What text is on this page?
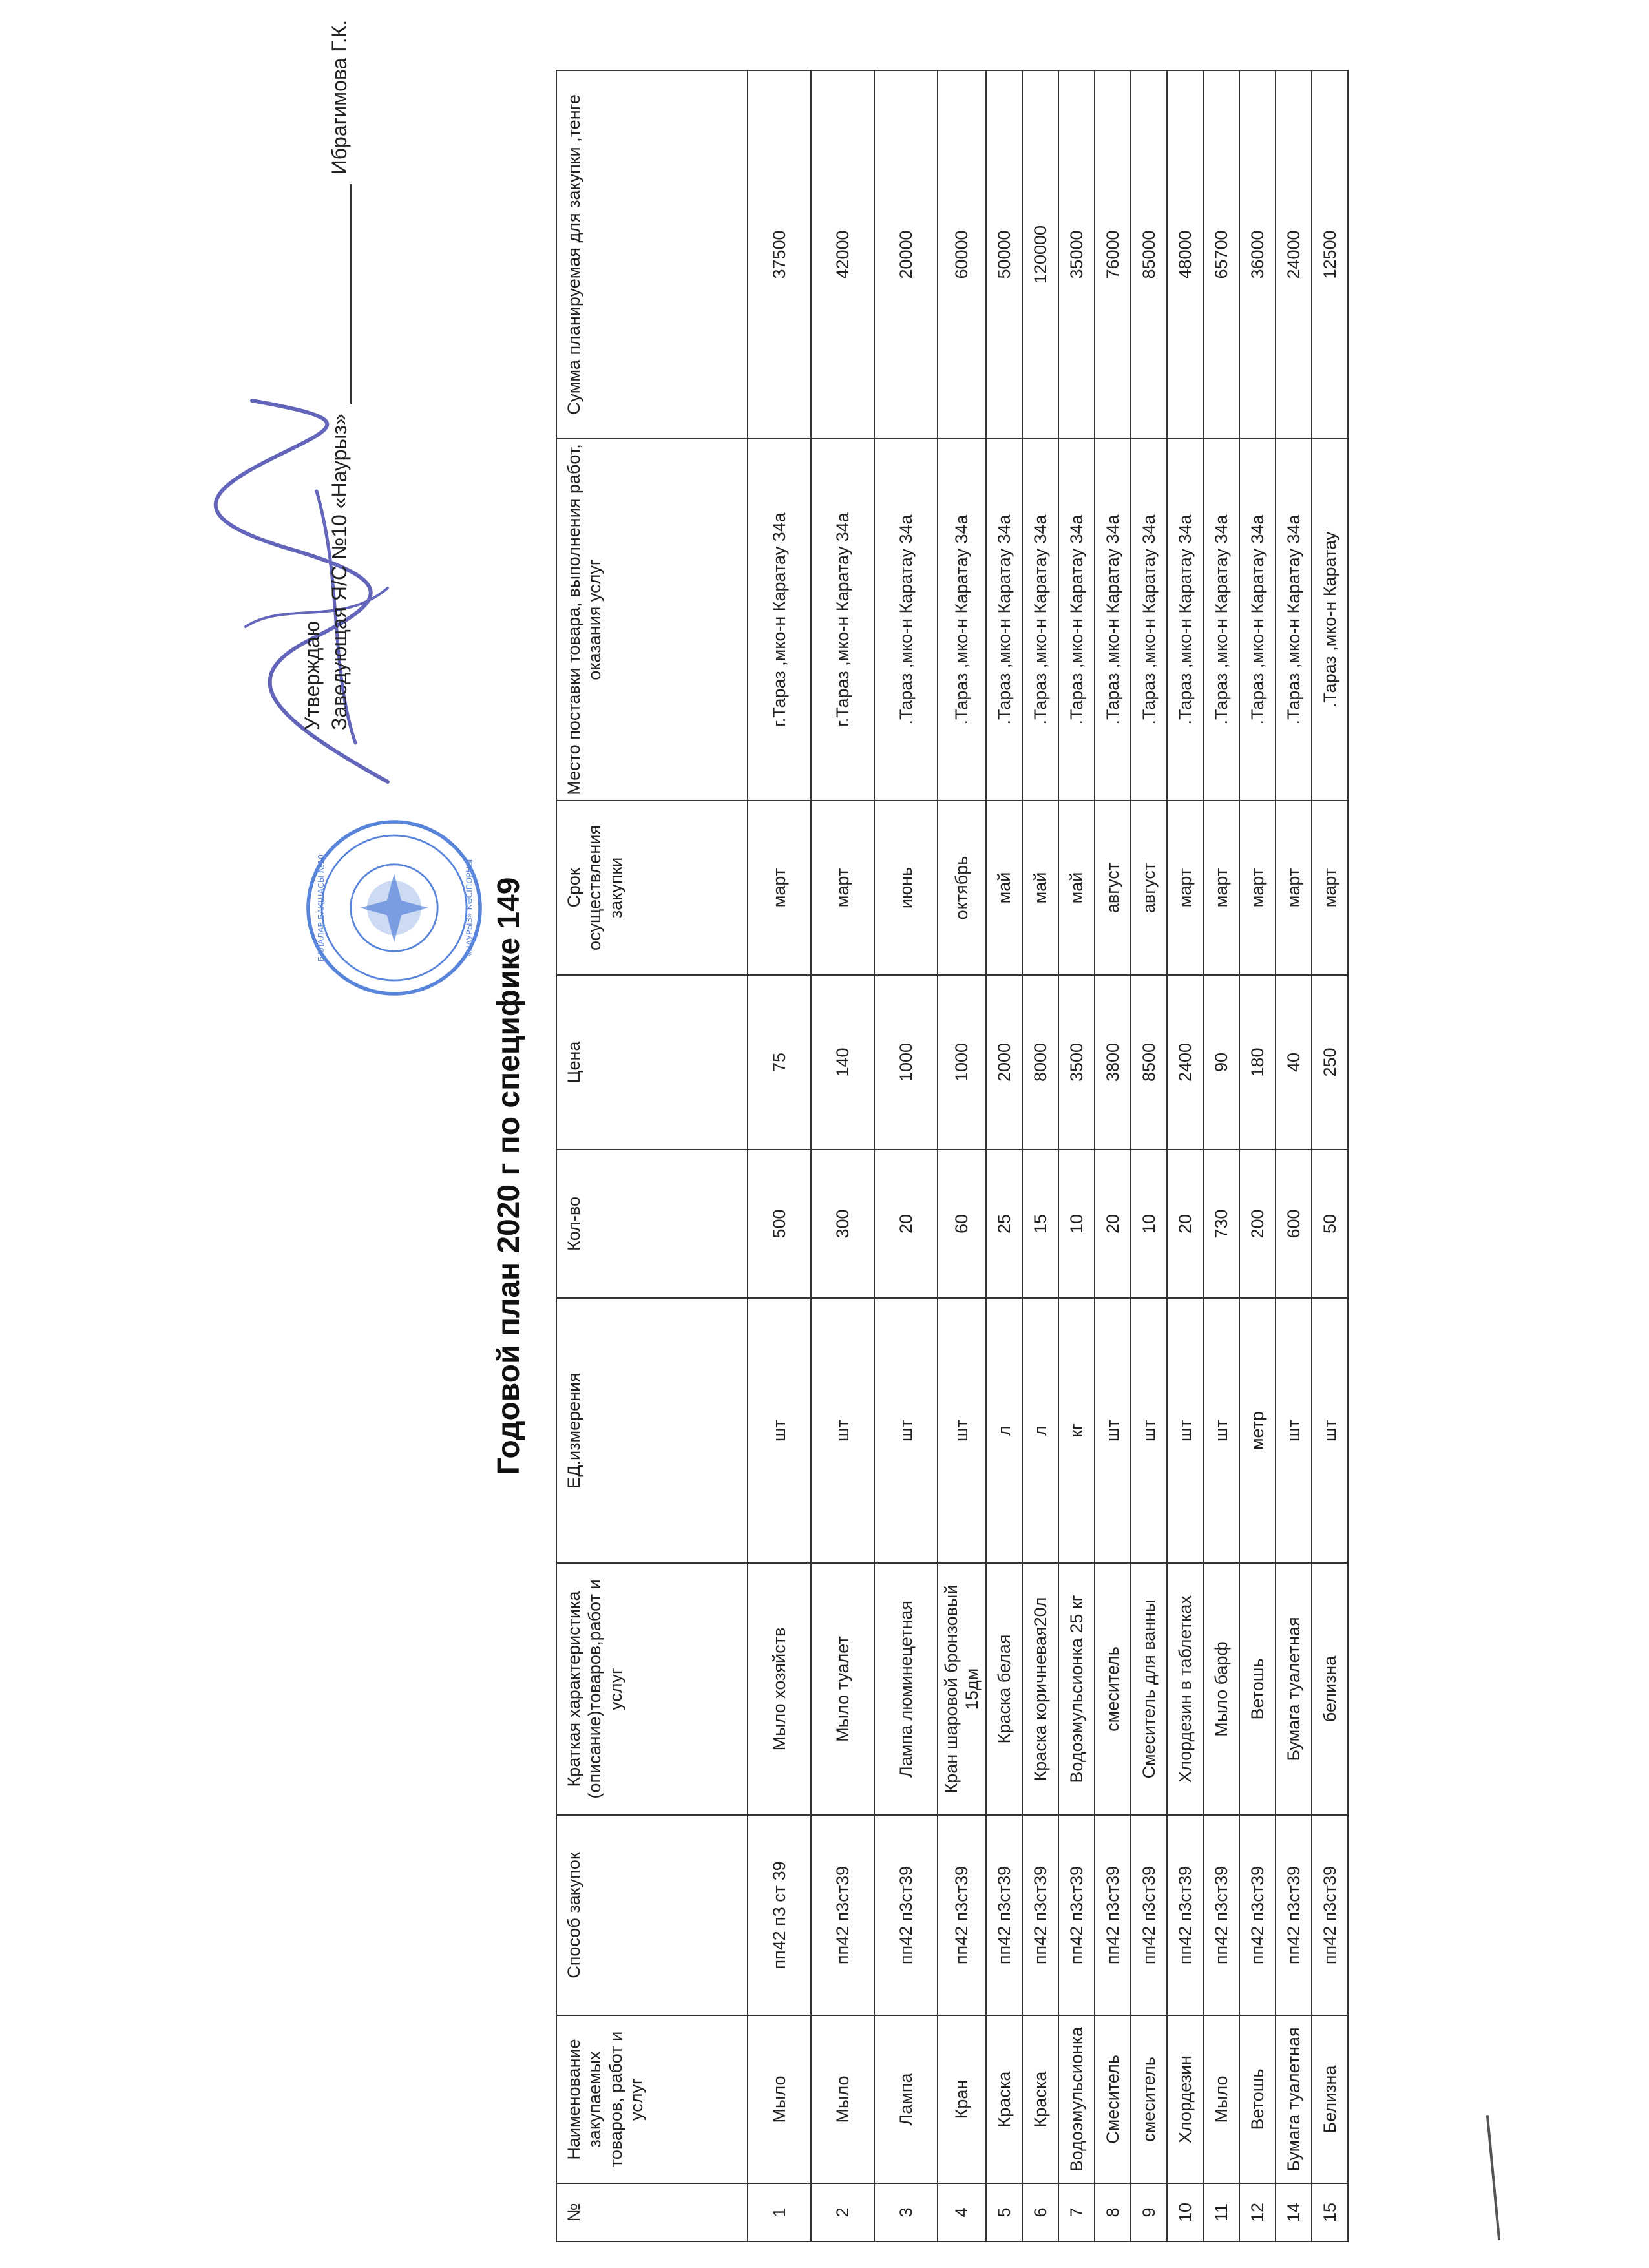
БАЛАЛАР БАҚШАСЫ №10	«НАУРЫЗ» КӘСІПОРНЫ
Утверждаю Заведующая Я/С №10 «Наурыз»  Ибрагимова Г.К.
Годовой план 2020 г по специфике 149
№	Наименование закупаемых товаров, работ и услуг	Способ закупок	Краткая характеристика (описание)товаров,работ и услуг	ЕД.измерения	Кол-во	Цена	Срок осуществления закупки	Место поставки товара, выполнения работ, оказания услуг	Сумма планируемая для закупки ,тенге
1	Мыло	пп42 п3 ст 39	Мыло хозяйств	шт	500	75	март	г.Тараз ,мко-н Каратау 34а	37500
2	Мыло	пп42 п3ст39	Мыло туалет	шт	300	140	март	г.Тараз ,мко-н Каратау 34а	42000
3	Лампа	пп42 п3ст39	Лампа люминецетная	шт	20	1000	июнь	.Тараз ,мко-н Каратау 34а	20000
4	Кран	пп42 п3ст39	Кран шаровой бронзовый 15дм	шт	60	1000	октябрь	.Тараз ,мко-н Каратау 34а	60000
5	Краска	пп42 п3ст39	Краска белая	л	25	2000	май	.Тараз ,мко-н Каратау 34а	50000
6	Краска	пп42 п3ст39	Краска коричневая20л	л	15	8000	май	.Тараз ,мко-н Каратау 34а	120000
7	Водоэмульсионка	пп42 п3ст39	Водоэмульсионка 25 кг	кг	10	3500	май	.Тараз ,мко-н Каратау 34а	35000
8	Смеситель	пп42 п3ст39	смеситель	шт	20	3800	август	.Тараз ,мко-н Каратау 34а	76000
9	смеситель	пп42 п3ст39	Смеситель для ванны	шт	10	8500	август	.Тараз ,мко-н Каратау 34а	85000
10	Хлордезин	пп42 п3ст39	Хлордезин в таблетках	шт	20	2400	март	.Тараз ,мко-н Каратау 34а	48000
11	Мыло	пп42 п3ст39	Мыло барф	шт	730	90	март	.Тараз ,мко-н Каратау 34а	65700
12	Ветошь	пп42 п3ст39	Ветошь	метр	200	180	март	.Тараз ,мко-н Каратау 34а	36000
14	Бумага туалетная	пп42 п3ст39	Бумага туалетная	шт	600	40	март	.Тараз ,мко-н Каратау 34а	24000
15	Белизна	пп42 п3ст39	белизна	шт	50	250	март	.Тараз ,мко-н Каратау	12500
